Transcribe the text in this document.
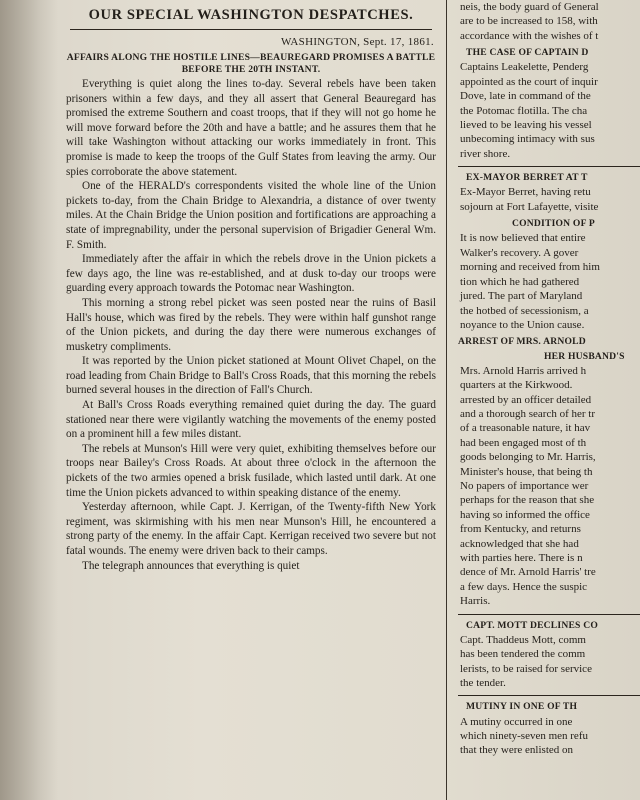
OUR SPECIAL WASHINGTON DESPATCHES.
WASHINGTON, Sept. 17, 1861.
AFFAIRS ALONG THE HOSTILE LINES—BEAUREGARD PROMISES A BATTLE BEFORE THE 20TH INSTANT.
Everything is quiet along the lines to-day. Several rebels have been taken prisoners within a few days, and they all assert that General Beauregard has promised the extreme Southern and coast troops, that if they will not go home he will move forward before the 20th and have a battle; and he assures them that he will take Washington without attacking our works immediately in front. This promise is made to keep the troops of the Gulf States from leaving the army. Our spies corroborate the above statement.
One of the HERALD's correspondents visited the whole line of the Union pickets to-day, from the Chain Bridge to Alexandria, a distance of over twenty miles. At the Chain Bridge the Union position and fortifications are approaching a state of impregnability, under the personal supervision of Brigadier General Wm. F. Smith.
Immediately after the affair in which the rebels drove in the Union pickets a few days ago, the line was re-established, and at dusk to-day our troops were guarding every approach towards the Potomac near Washington.
This morning a strong rebel picket was seen posted near the ruins of Basil Hall's house, which was fired by the rebels. They were within half gunshot range of the Union pickets, and during the day there were numerous exchanges of musketry compliments.
It was reported by the Union picket stationed at Mount Olivet Chapel, on the road leading from Chain Bridge to Ball's Cross Roads, that this morning the rebels burned several houses in the direction of Fall's Church.
At Ball's Cross Roads everything remained quiet during the day. The guard stationed near there were vigilantly watching the movements of the enemy posted on a prominent hill a few miles distant.
The rebels at Munson's Hill were very quiet, exhibiting themselves before our troops near Bailey's Cross Roads. At about three o'clock in the afternoon the pickets of the two armies opened a brisk fusilade, which lasted until dark. At one time the Union pickets advanced to within speaking distance of the enemy.
Yesterday afternoon, while Capt. J. Kerrigan, of the Twenty-fifth New York regiment, was skirmishing with his men near Munson's Hill, he encountered a strong party of the enemy. In the affair Capt. Kerrigan received two severe but not fatal wounds. The enemy were driven back to their camps.
The telegraph announces that everything is quiet
neis, the body guard of General
are to be increased to 158, with
accordance with the wishes of t
THE CASE OF CAPTAIN D
Captains Leakelette, Penderg
appointed as the court of inquir
Dove, late in command of the
the Potomac flotilla. The cha
lieved to be leaving his vessel
unbecoming intimacy with sus
river shore.
EX-MAYOR BERRET AT T
Ex-Mayor Berret, having retu
sojourn at Fort Lafayette, visite
CONDITION OF P
It is now believed that entire
Walker's recovery. A gover
morning and received from him
tion which he had gathered
jured. The part of Maryland
the hotbed of secessionism, a
noyance to the Union cause.
ARREST OF MRS. ARNOLD
HER HUSBAND'S
Mrs. Arnold Harris arrived h
quarters at the Kirkwood.
arrested by an officer detailed
and a thorough search of her tr
of a treasonable nature, it hav
had been engaged most of th
goods belonging to Mr. Harris,
Minister's house, that being th
No papers of importance wer
perhaps for the reason that she
having so informed the office
from Kentucky, and returns
acknowledged that she had
with parties here. There is n
dence of Mr. Arnold Harris' tre
a few days. Hence the suspic
Harris.
CAPT. MOTT DECLINES CO
Capt. Thaddeus Mott, comm
has been tendered the comm
lerists, to be raised for service
the tender.
MUTINY IN ONE OF TH
A mutiny occurred in one
which ninety-seven men refu
that they were enlisted on
